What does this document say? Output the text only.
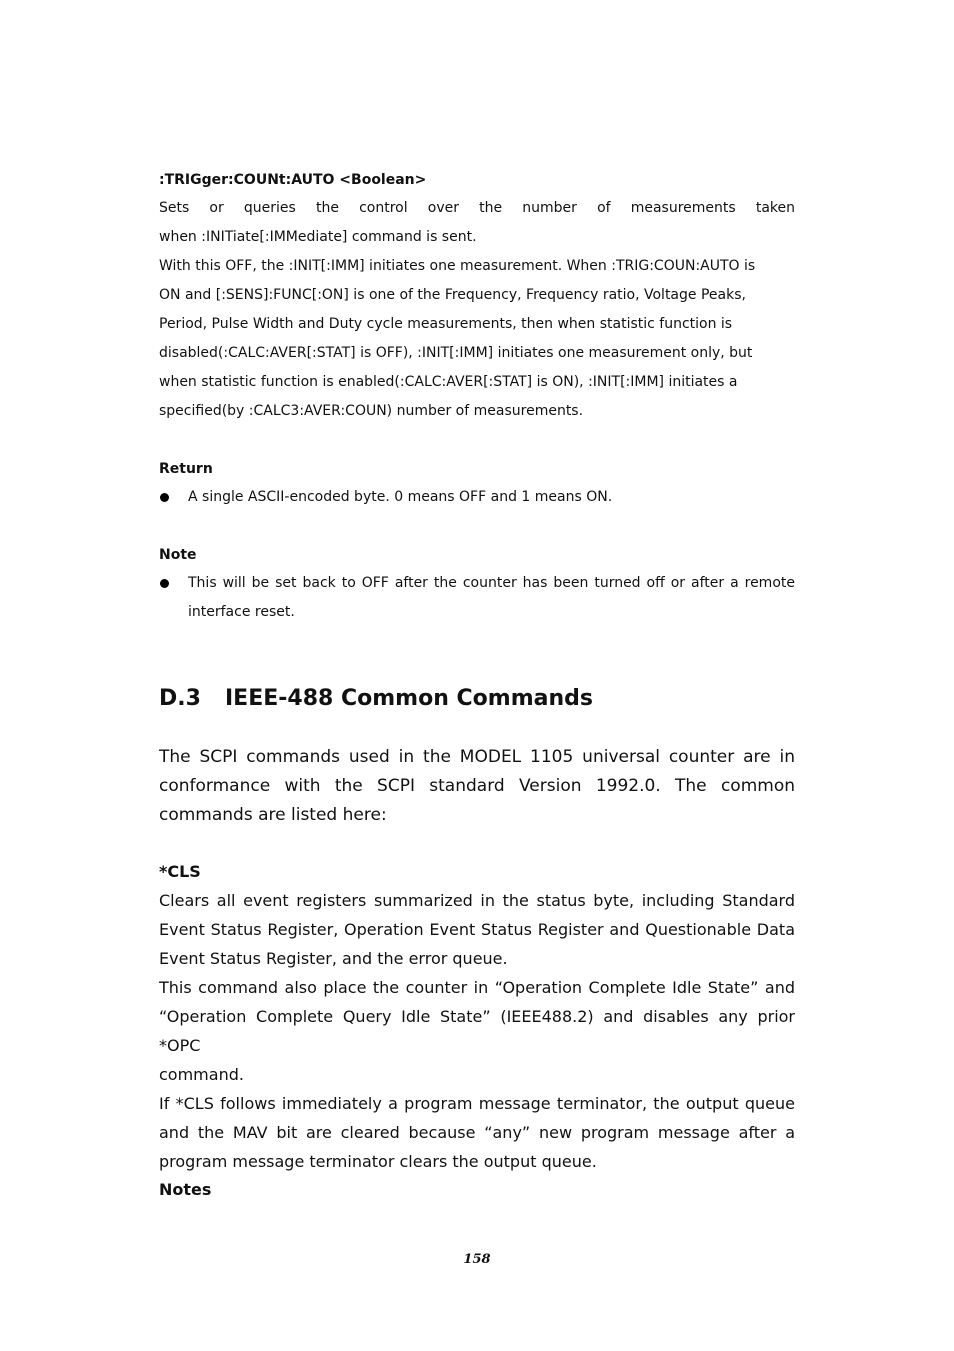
:TRIGger:COUNt:AUTO <Boolean>

Sets or queries the control over the number of measurements taken

when :INITiate[:IMMediate] command is sent.

With this OFF, the :INIT[:IMM] initiates one measurement. When :TRIG:COUN:AUTO is

ON and [:SENS]:FUNC[:ON] is one of the Frequency, Frequency ratio, Voltage Peaks,

Period, Pulse Width and Duty cycle measurements, then when statistic function is

disabled(:CALC:AVER[:STAT] is OFF), :INIT[:IMM] initiates one measurement only, but

when statistic function is enabled(:CALC:AVER[:STAT] is ON), :INIT[:IMM] initiates a

specified(by :CALC3:AVER:COUN) number of measurements.

Return
A single ASCII-encoded byte. 0 means OFF and 1 means ON.
Note
This will be set back to OFF after the counter has been turned off or after a remote
interface reset.
D.3 IEEE-488 Common Commands

The SCPI commands used in the MODEL 1105 universal counter are in

conformance with the SCPI standard Version 1992.0. The common

commands are listed here:

*CLS

Clears all event registers summarized in the status byte, including Standard

Event Status Register, Operation Event Status Register and Questionable Data

Event Status Register, and the error queue.

This command also place the counter in “Operation Complete Idle State” and

“Operation Complete Query Idle State” (IEEE488.2) and disables any prior *OPC

command.

If *CLS follows immediately a program message terminator, the output queue

and the MAV bit are cleared because “any” new program message after a

program message terminator clears the output queue.

Notes
158
